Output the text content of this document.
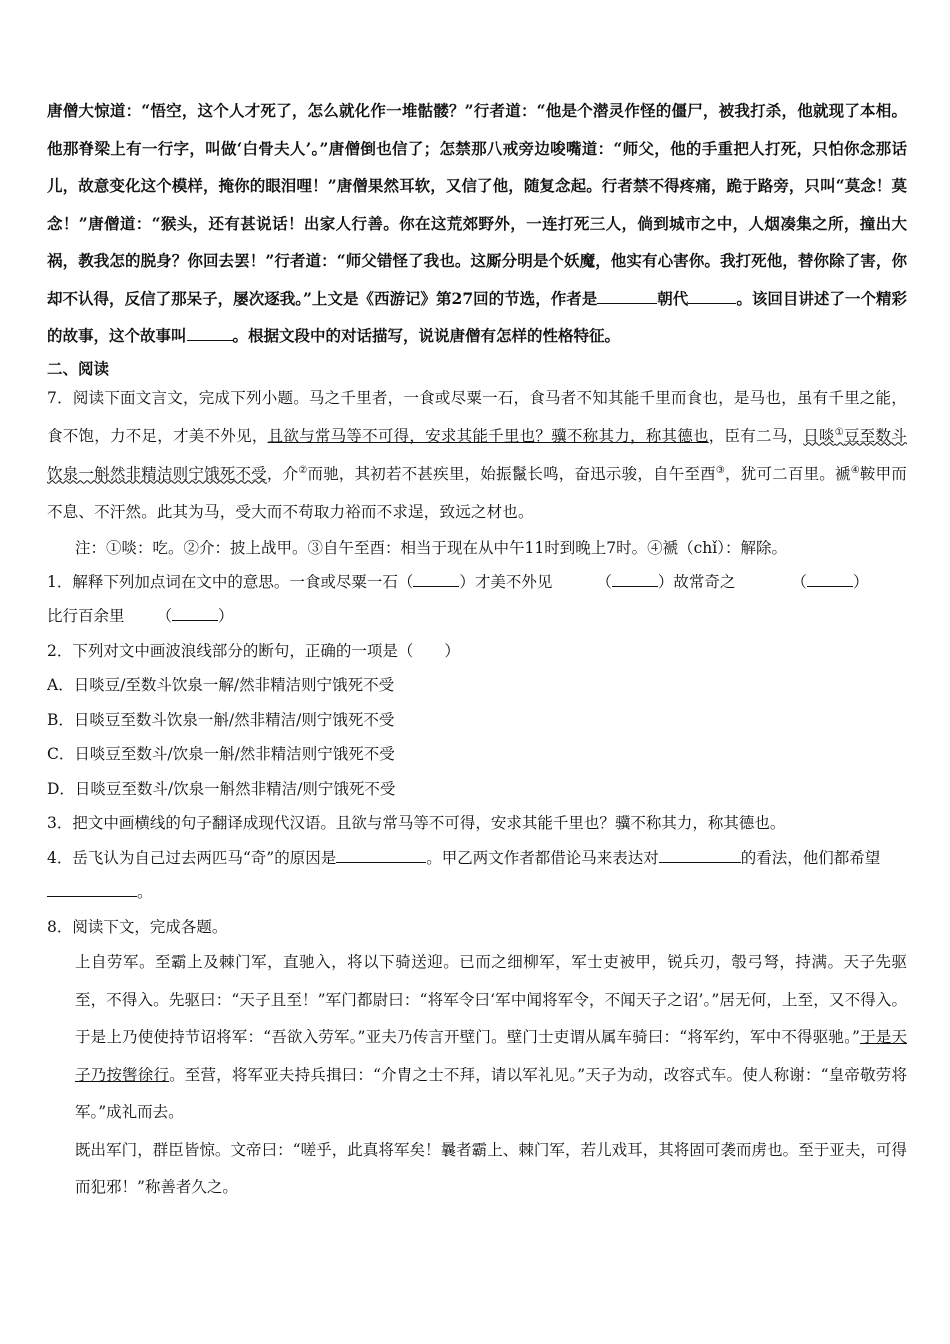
唐僧大惊道：“悟空，这个人才死了，怎么就化作一堆骷髅？”行者道：“他是个潜灵作怪的僵尸，被我打杀，他就现了本相。他那脊梁上有一行字，叫做‘白骨夫人’。”唐僧倒也信了；怎禁那八戒旁边唆嘴道：“师父，他的手重把人打死，只怕你念那话儿，故意变化这个模样，掩你的眼泪哩！”唐僧果然耳软，又信了他，随复念起。行者禁不得疼痛，跪于路旁，只叫“莫念！莫念！”唐僧道：“猴头，还有甚说话！出家人行善。你在这荒郊野外，一连打死三人，倘到城市之中，人烟凑集之所，撞出大祸，教我怎的脱身？你回去罢！”行者道：“师父错怪了我也。这厮分明是个妖魔，他实有心害你。我打死他，替你除了害，你却不认得，反信了那呆子，屡次逐我。”上文是《西游记》第27回的节选，作者是	朝代	。该回目讲述了一个精彩的故事，这个故事叫	。根据文段中的对话描写，说说唐僧有怎样的性格特征。

二、阅读

7．阅读下面文言文，完成下列小题。马之千里者，一食或尽粟一石，食马者不知其能千里而食也，是马也，虽有千里之能，食不饱，力不足，才美不外见，且欲与常马等不可得，安求其能千里也？骥不称其力，称其德也，臣有二马，日啖①豆至数斗饮泉一斛然非精洁则宁饿死不受，介②而驰，其初若不甚疾里，始振鬣长鸣，奋迅示骏，自午至酉③，犹可二百里。褫④鞍甲而不息、不汗然。此其为马，受大而不苟取力裕而不求逞，致远之材也。

注：①啖：吃。②介：披上战甲。③自午至酉：相当于现在从中午11时到晚上7时。④褫（chǐ）：解除。

1．解释下列加点词在文中的意思。一食或尽粟一石（	）才美不外见	（	）故常奇之	（	）

比行百余里 （	）

2．下列对文中画波浪线部分的断句，正确的一项是（　　）

A．日啖豆/至数斗饮泉一解/然非精洁则宁饿死不受

B．日啖豆至数斗饮泉一斛/然非精洁/则宁饿死不受

C．日啖豆至数斗/饮泉一斛/然非精洁则宁饿死不受

D．日啖豆至数斗/饮泉一斛然非精洁/则宁饿死不受

3．把文中画横线的句子翻译成现代汉语。且欲与常马等不可得，安求其能千里也？骥不称其力，称其德也。

4．岳飞认为自己过去两匹马“奇”的原因是	。甲乙两文作者都借论马来表达对	的看法，他们都希望。

8．阅读下文，完成各题。

上自劳军。至霸上及棘门军，直驰入，将以下骑送迎。已而之细柳军，军士吏被甲，锐兵刃，彀弓弩，持满。天子先驱至，不得入。先驱曰：“天子且至！”军门都尉曰：“将军令曰‘军中闻将军令，不闻天子之诏’。”居无何，上至，又不得入。于是上乃使使持节诏将军：“吾欲入劳军。”亚夫乃传言开壁门。壁门士吏谓从属车骑曰：“将军约，军中不得驱驰。”于是天子乃按辔徐行。至营，将军亚夫持兵揖曰：“介胄之士不拜，请以军礼见。”天子为动，改容式车。使人称谢：“皇帝敬劳将军。”成礼而去。

既出军门，群臣皆惊。文帝曰：“嗟乎，此真将军矣！曩者霸上、棘门军，若儿戏耳，其将固可袭而虏也。至于亚夫，可得而犯邪！”称善者久之。
